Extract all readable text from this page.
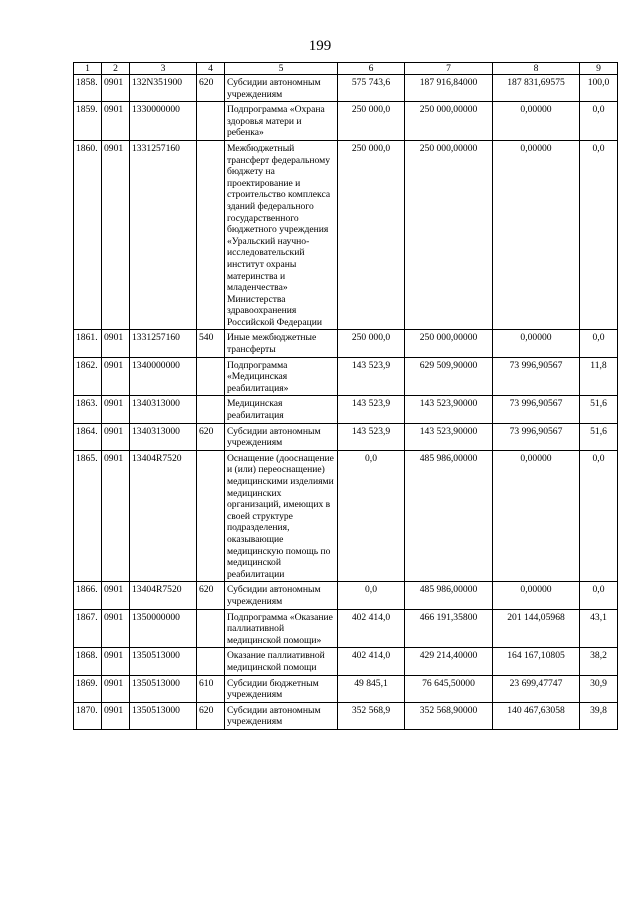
199
1	2	3	4	5	6	7	8	9
1858.	0901	132N351900	620	Субсидии автономным учреждениям	575 743,6	187 916,84000	187 831,69575	100,0
1859.	0901	1330000000		Подпрограмма «Охрана здоровья матери и ребенка»	250 000,0	250 000,00000	0,00000	0,0
1860.	0901	1331257160		Межбюджетный трансферт федеральному бюджету на проектирование и строительство комплекса зданий федерального государственного бюджетного учреждения «Уральский научно-исследовательский институт охраны материнства и младенчества» Министерства здравоохранения Российской Федерации	250 000,0	250 000,00000	0,00000	0,0
1861.	0901	1331257160	540	Иные межбюджетные трансферты	250 000,0	250 000,00000	0,00000	0,0
1862.	0901	1340000000		Подпрограмма «Медицинская реабилитация»	143 523,9	629 509,90000	73 996,90567	11,8
1863.	0901	1340313000		Медицинская реабилитация	143 523,9	143 523,90000	73 996,90567	51,6
1864.	0901	1340313000	620	Субсидии автономным учреждениям	143 523,9	143 523,90000	73 996,90567	51,6
1865.	0901	13404R7520		Оснащение (дооснащение и (или) переоснащение) медицинскими изделиями медицинских организаций, имеющих в своей структуре подразделения, оказывающие медицинскую помощь по медицинской реабилитации	0,0	485 986,00000	0,00000	0,0
1866.	0901	13404R7520	620	Субсидии автономным учреждениям	0,0	485 986,00000	0,00000	0,0
1867.	0901	1350000000		Подпрограмма «Оказание паллиативной медицинской помощи»	402 414,0	466 191,35800	201 144,05968	43,1
1868.	0901	1350513000		Оказание паллиативной медицинской помощи	402 414,0	429 214,40000	164 167,10805	38,2
1869.	0901	1350513000	610	Субсидии бюджетным учреждениям	49 845,1	76 645,50000	23 699,47747	30,9
1870.	0901	1350513000	620	Субсидии автономным учреждениям	352 568,9	352 568,90000	140 467,63058	39,8
